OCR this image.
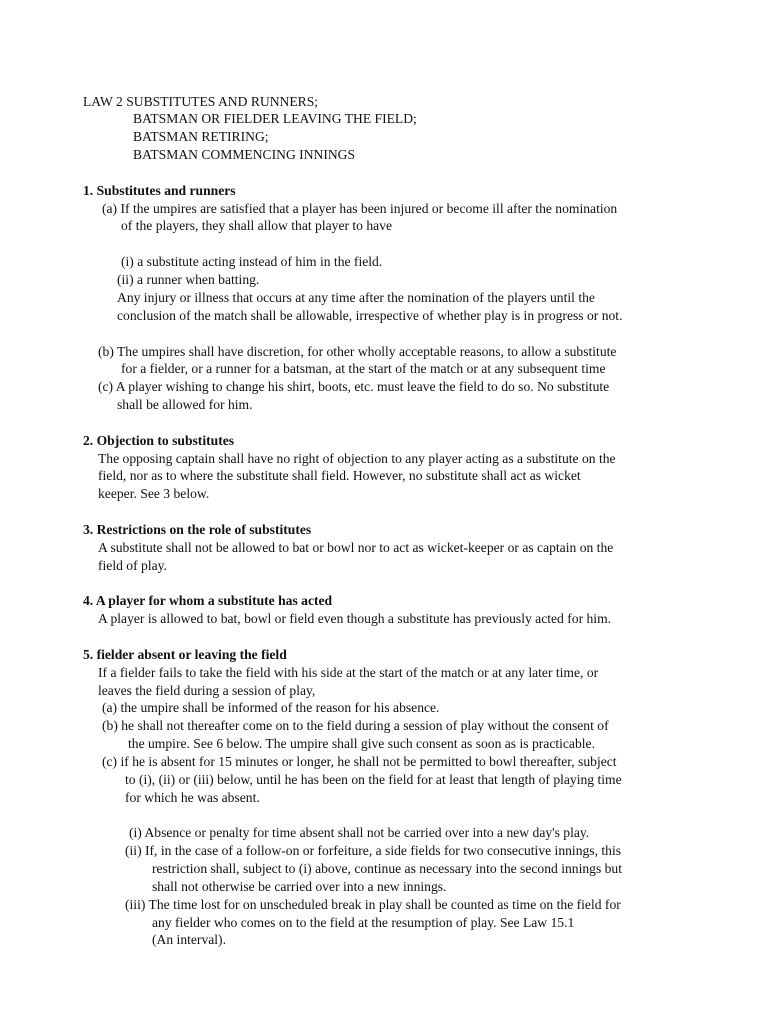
LAW 2 SUBSTITUTES AND RUNNERS;
BATSMAN OR FIELDER LEAVING THE FIELD;
BATSMAN RETIRING;
BATSMAN COMMENCING INNINGS
1. Substitutes and runners
(a) If the umpires are satisfied that a player has been injured or become ill after the nomination
of the players, they shall allow that player to have
(i) a substitute acting instead of him in the field.
(ii) a runner when batting.
Any injury or illness that occurs at any time after the nomination of the players until the
conclusion of the match shall be allowable, irrespective of whether play is in progress or not.
(b) The umpires shall have discretion, for other wholly acceptable reasons, to allow a substitute
for a fielder, or a runner for a batsman, at the start of the match or at any subsequent time
(c) A player wishing to change his shirt, boots, etc. must leave the field to do so. No substitute
shall be allowed for him.
2. Objection to substitutes
The opposing captain shall have no right of objection to any player acting as a substitute on the
field, nor as to where the substitute shall field. However, no substitute shall act as wicket
keeper. See 3 below.
3. Restrictions on the role of substitutes
A substitute shall not be allowed to bat or bowl nor to act as wicket-keeper or as captain on the
field of play.
4. A player for whom a substitute has acted
A player is allowed to bat, bowl or field even though a substitute has previously acted for him.
5. fielder absent or leaving the field
If a fielder fails to take the field with his side at the start of the match or at any later time, or
leaves the field during a session of play,
(a) the umpire shall be informed of the reason for his absence.
(b) he shall not thereafter come on to the field during a session of play without the consent of
the umpire. See 6 below. The umpire shall give such consent as soon as is practicable.
(c) if he is absent for 15 minutes or longer, he shall not be permitted to bowl thereafter, subject
to (i), (ii) or (iii) below, until he has been on the field for at least that length of playing time
for which he was absent.
(i) Absence or penalty for time absent shall not be carried over into a new day's play.
(ii) If, in the case of a follow-on or forfeiture, a side fields for two consecutive innings, this
restriction shall, subject to (i) above, continue as necessary into the second innings but
shall not otherwise be carried over into a new innings.
(iii) The time lost for on unscheduled break in play shall be counted as time on the field for
any fielder who comes on to the field at the resumption of play. See Law 15.1
(An interval).
